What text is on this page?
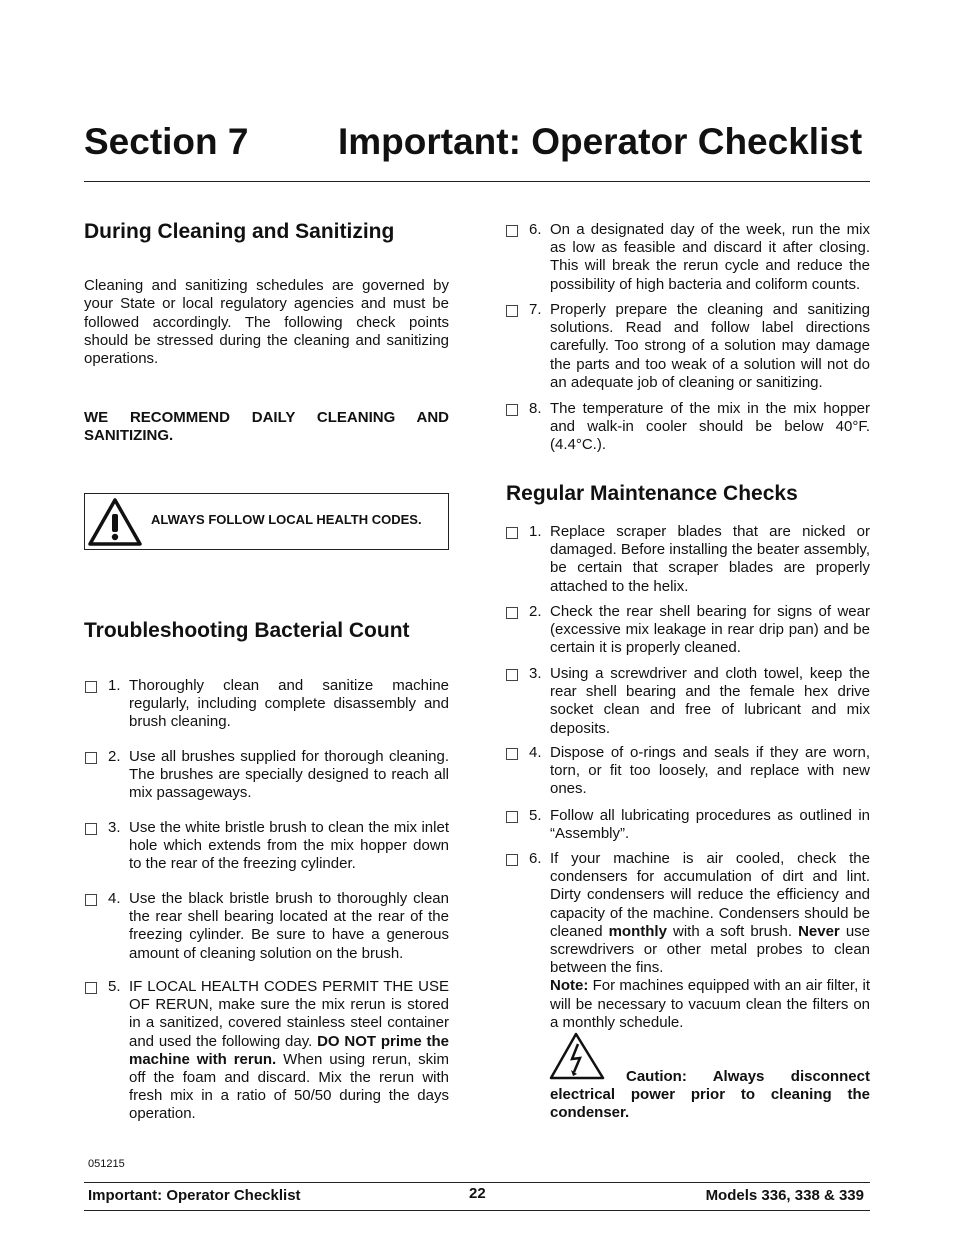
Section 7 Important: Operator Checklist
During Cleaning and Sanitizing
Cleaning and sanitizing schedules are governed by your State or local regulatory agencies and must be followed accordingly. The following check points should be stressed during the cleaning and sanitizing operations.
WE RECOMMEND DAILY CLEANING AND SANITIZING.
ALWAYS FOLLOW LOCAL HEALTH CODES.
Troubleshooting Bacterial Count
1. Thoroughly clean and sanitize machine regularly, including complete disassembly and brush cleaning.
2. Use all brushes supplied for thorough cleaning. The brushes are specially designed to reach all mix passageways.
3. Use the white bristle brush to clean the mix inlet hole which extends from the mix hopper down to the rear of the freezing cylinder.
4. Use the black bristle brush to thoroughly clean the rear shell bearing located at the rear of the freezing cylinder. Be sure to have a generous amount of cleaning solution on the brush.
5. IF LOCAL HEALTH CODES PERMIT THE USE OF RERUN, make sure the mix rerun is stored in a sanitized, covered stainless steel container and used the following day. DO NOT prime the machine with rerun. When using rerun, skim off the foam and discard. Mix the rerun with fresh mix in a ratio of 50/50 during the days operation.
6. On a designated day of the week, run the mix as low as feasible and discard it after closing. This will break the rerun cycle and reduce the possibility of high bacteria and coliform counts.
7. Properly prepare the cleaning and sanitizing solutions. Read and follow label directions carefully. Too strong of a solution may damage the parts and too weak of a solution will not do an adequate job of cleaning or sanitizing.
8. The temperature of the mix in the mix hopper and walk-in cooler should be below 40°F. (4.4°C.).
Regular Maintenance Checks
1. Replace scraper blades that are nicked or damaged. Before installing the beater assembly, be certain that scraper blades are properly attached to the helix.
2. Check the rear shell bearing for signs of wear (excessive mix leakage in rear drip pan) and be certain it is properly cleaned.
3. Using a screwdriver and cloth towel, keep the rear shell bearing and the female hex drive socket clean and free of lubricant and mix deposits.
4. Dispose of o-rings and seals if they are worn, torn, or fit too loosely, and replace with new ones.
5. Follow all lubricating procedures as outlined in “Assembly”.
6. If your machine is air cooled, check the condensers for accumulation of dirt and lint. Dirty condensers will reduce the efficiency and capacity of the machine. Condensers should be cleaned monthly with a soft brush. Never use screwdrivers or other metal probes to clean between the fins.
Note: For machines equipped with an air filter, it will be necessary to vacuum clean the filters on a monthly schedule.
Caution: Always disconnect electrical power prior to cleaning the condenser.
051215
Important: Operator Checklist	22	Models 336, 338 & 339
